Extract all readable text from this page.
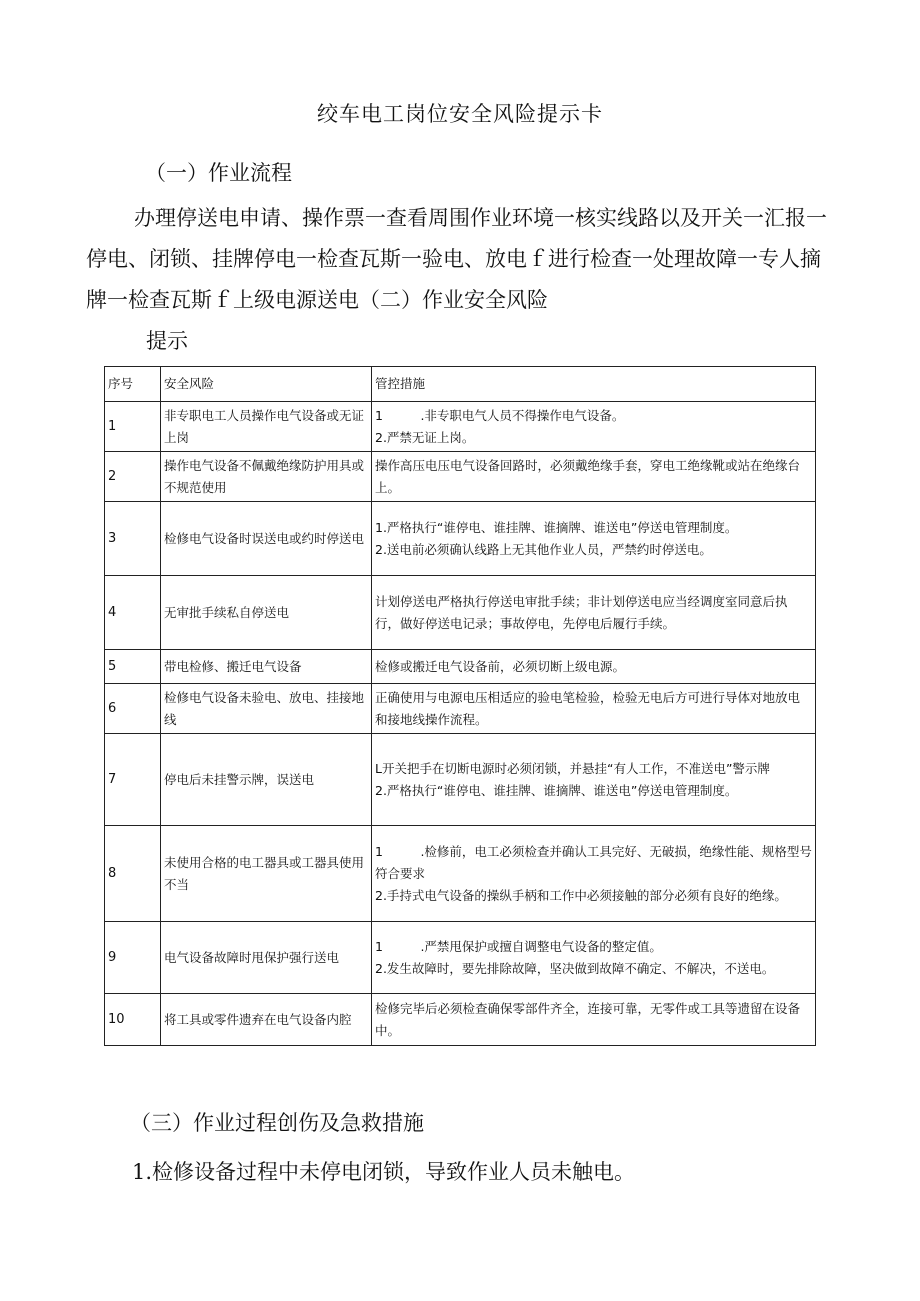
绞车电工岗位安全风险提示卡
（一）作业流程
办理停送电申请、操作票一查看周围作业环境一核实线路以及开关一汇报一停电、闭锁、挂牌停电一检查瓦斯一验电、放电ｆ进行检查一处理故障一专人摘牌一检查瓦斯ｆ上级电源送电（二）作业安全风险
提示
序号	安全风险	管控措施
1	非专职电工人员操作电气设备或无证上岗	1　　　.非专职电气人员不得操作电气设备。
2.严禁无证上岗。

2	操作电气设备不佩戴绝缘防护用具或不规范使用	操作高压电压电气设备回路时，必须戴绝缘手套，穿电工绝缘靴或站在绝缘台上。

3	检修电气设备时误送电或约时停送电	1.严格执行“谁停电、谁挂牌、谁摘牌、谁送电”停送电管理制度。
2.送电前必须确认线路上无其他作业人员，严禁约时停送电。

4	无审批手续私自停送电	计划停送电严格执行停送电审批手续；非计划停送电应当经调度室同意后执行，做好停送电记录；事故停电，先停电后履行手续。

5	带电检修、搬迁电气设备	检修或搬迁电气设备前，必须切断上级电源。

6	检修电气设备未验电、放电、挂接地线	正确使用与电源电压相适应的验电笔检验，检验无电后方可进行导体对地放电和接地线操作流程。

7	停电后未挂警示牌，误送电	L开关把手在切断电源时必须闭锁，并悬挂“有人工作，不准送电”警示牌
2.严格执行“谁停电、谁挂牌、谁摘牌、谁送电”停送电管理制度。

8	未使用合格的电工器具或工器具使用不当	1　　　.检修前，电工必须检查并确认工具完好、无破损，绝缘性能、规格型号符合要求
2.手持式电气设备的操纵手柄和工作中必须接触的部分必须有良好的绝缘。

9	电气设备故障时甩保护强行送电	1　　　.严禁甩保护或擅自调整电气设备的整定值。
2.发生故障时，要先排除故障，坚决做到故障不确定、不解决，不送电。

10	将工具或零件遗弃在电气设备内腔	检修完毕后必须检查确保零部件齐全，连接可靠，无零件或工具等遗留在设备中。
（三）作业过程创伤及急救措施
1.检修设备过程中未停电闭锁，导致作业人员未触电。
